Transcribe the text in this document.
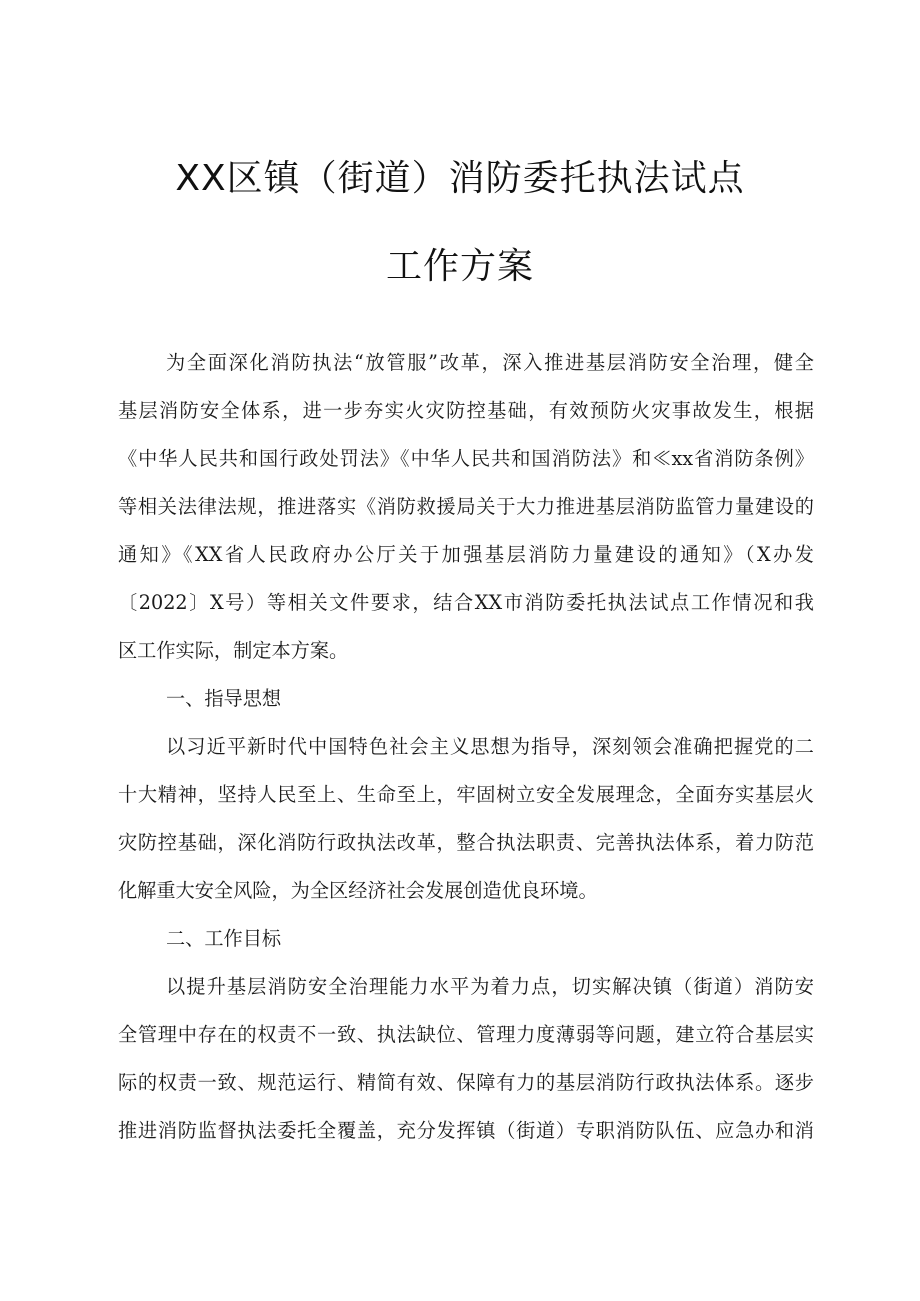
XX区镇（街道）消防委托执法试点
工作方案
为全面深化消防执法“放管服”改革，深入推进基层消防安全治理，健全
基层消防安全体系，进一步夯实火灾防控基础，有效预防火灾事故发生，根据
《中华人民共和国行政处罚法》《中华人民共和国消防法》和≪xx省消防条例》
等相关法律法规，推进落实《消防救援局关于大力推进基层消防监管力量建设的
通知》《XX省人民政府办公厅关于加强基层消防力量建设的通知》（X办发
〔2022〕X号）等相关文件要求，结合XX市消防委托执法试点工作情况和我
区工作实际，制定本方案。
一、指导思想
以习近平新时代中国特色社会主义思想为指导，深刻领会准确把握党的二
十大精神，坚持人民至上、生命至上，牢固树立安全发展理念，全面夯实基层火
灾防控基础，深化消防行政执法改革，整合执法职责、完善执法体系，着力防范
化解重大安全风险，为全区经济社会发展创造优良环境。
二、工作目标
以提升基层消防安全治理能力水平为着力点，切实解决镇（街道）消防安
全管理中存在的权责不一致、执法缺位、管理力度薄弱等问题，建立符合基层实
际的权责一致、规范运行、精简有效、保障有力的基层消防行政执法体系。逐步
推进消防监督执法委托全覆盖，充分发挥镇（街道）专职消防队伍、应急办和消
